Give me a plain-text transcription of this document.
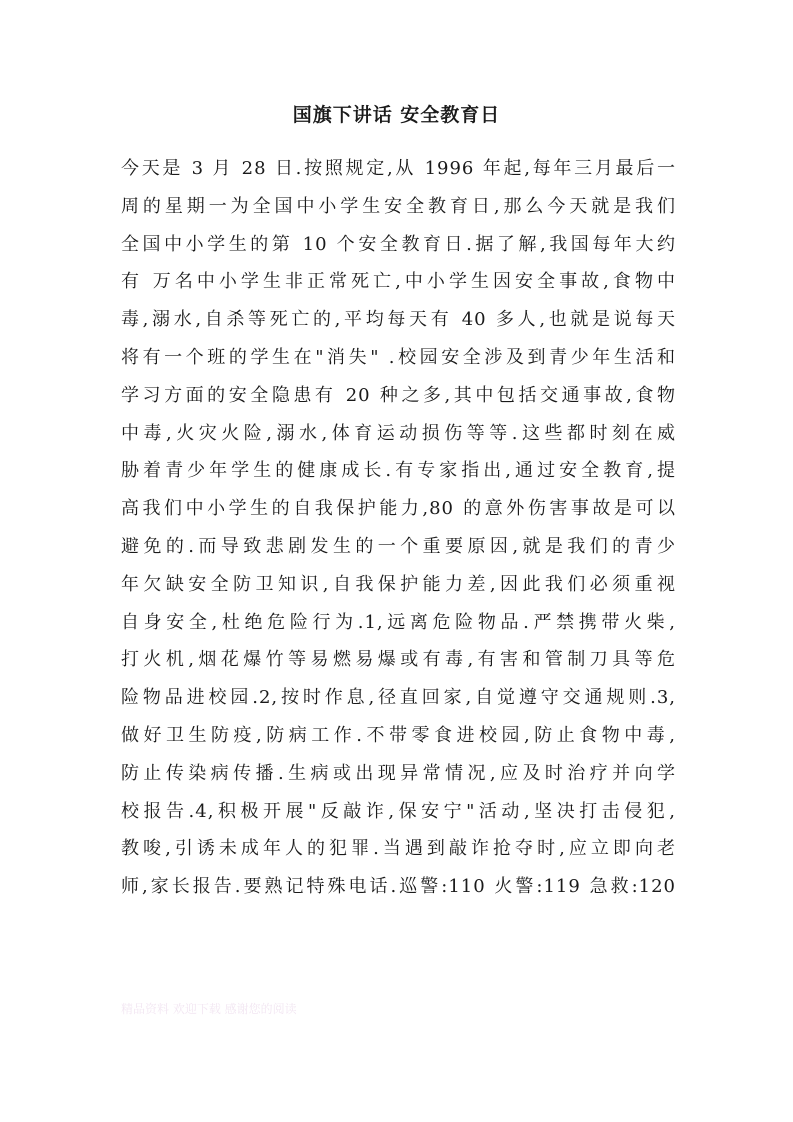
国旗下讲话 安全教育日
今天是 3 月 28 日.按照规定,从 1996 年起,每年三月最后一
周的星期一为全国中小学生安全教育日,那么今天就是我们
全国中小学生的第 10 个安全教育日.据了解,我国每年大约
有 万名中小学生非正常死亡,中小学生因安全事故,食物中
毒,溺水,自杀等死亡的,平均每天有 40 多人,也就是说每天
将有一个班的学生在"消失" .校园安全涉及到青少年生活和
学习方面的安全隐患有 20 种之多,其中包括交通事故,食物
中毒,火灾火险,溺水,体育运动损伤等等.这些都时刻在威
胁着青少年学生的健康成长.有专家指出,通过安全教育,提
高我们中小学生的自我保护能力,80 的意外伤害事故是可以
避免的.而导致悲剧发生的一个重要原因,就是我们的青少
年欠缺安全防卫知识,自我保护能力差,因此我们必须重视
自身安全,杜绝危险行为.1,远离危险物品.严禁携带火柴,
打火机,烟花爆竹等易燃易爆或有毒,有害和管制刀具等危
险物品进校园.2,按时作息,径直回家,自觉遵守交通规则.3,
做好卫生防疫,防病工作.不带零食进校园,防止食物中毒,
防止传染病传播.生病或出现异常情况,应及时治疗并向学
校报告.4,积极开展"反敲诈,保安宁"活动,坚决打击侵犯,
教唆,引诱未成年人的犯罪.当遇到敲诈抢夺时,应立即向老
师,家长报告.要熟记特殊电话.巡警:110 火警:119 急救:120
精品资料 欢迎下载 感谢您的阅读
